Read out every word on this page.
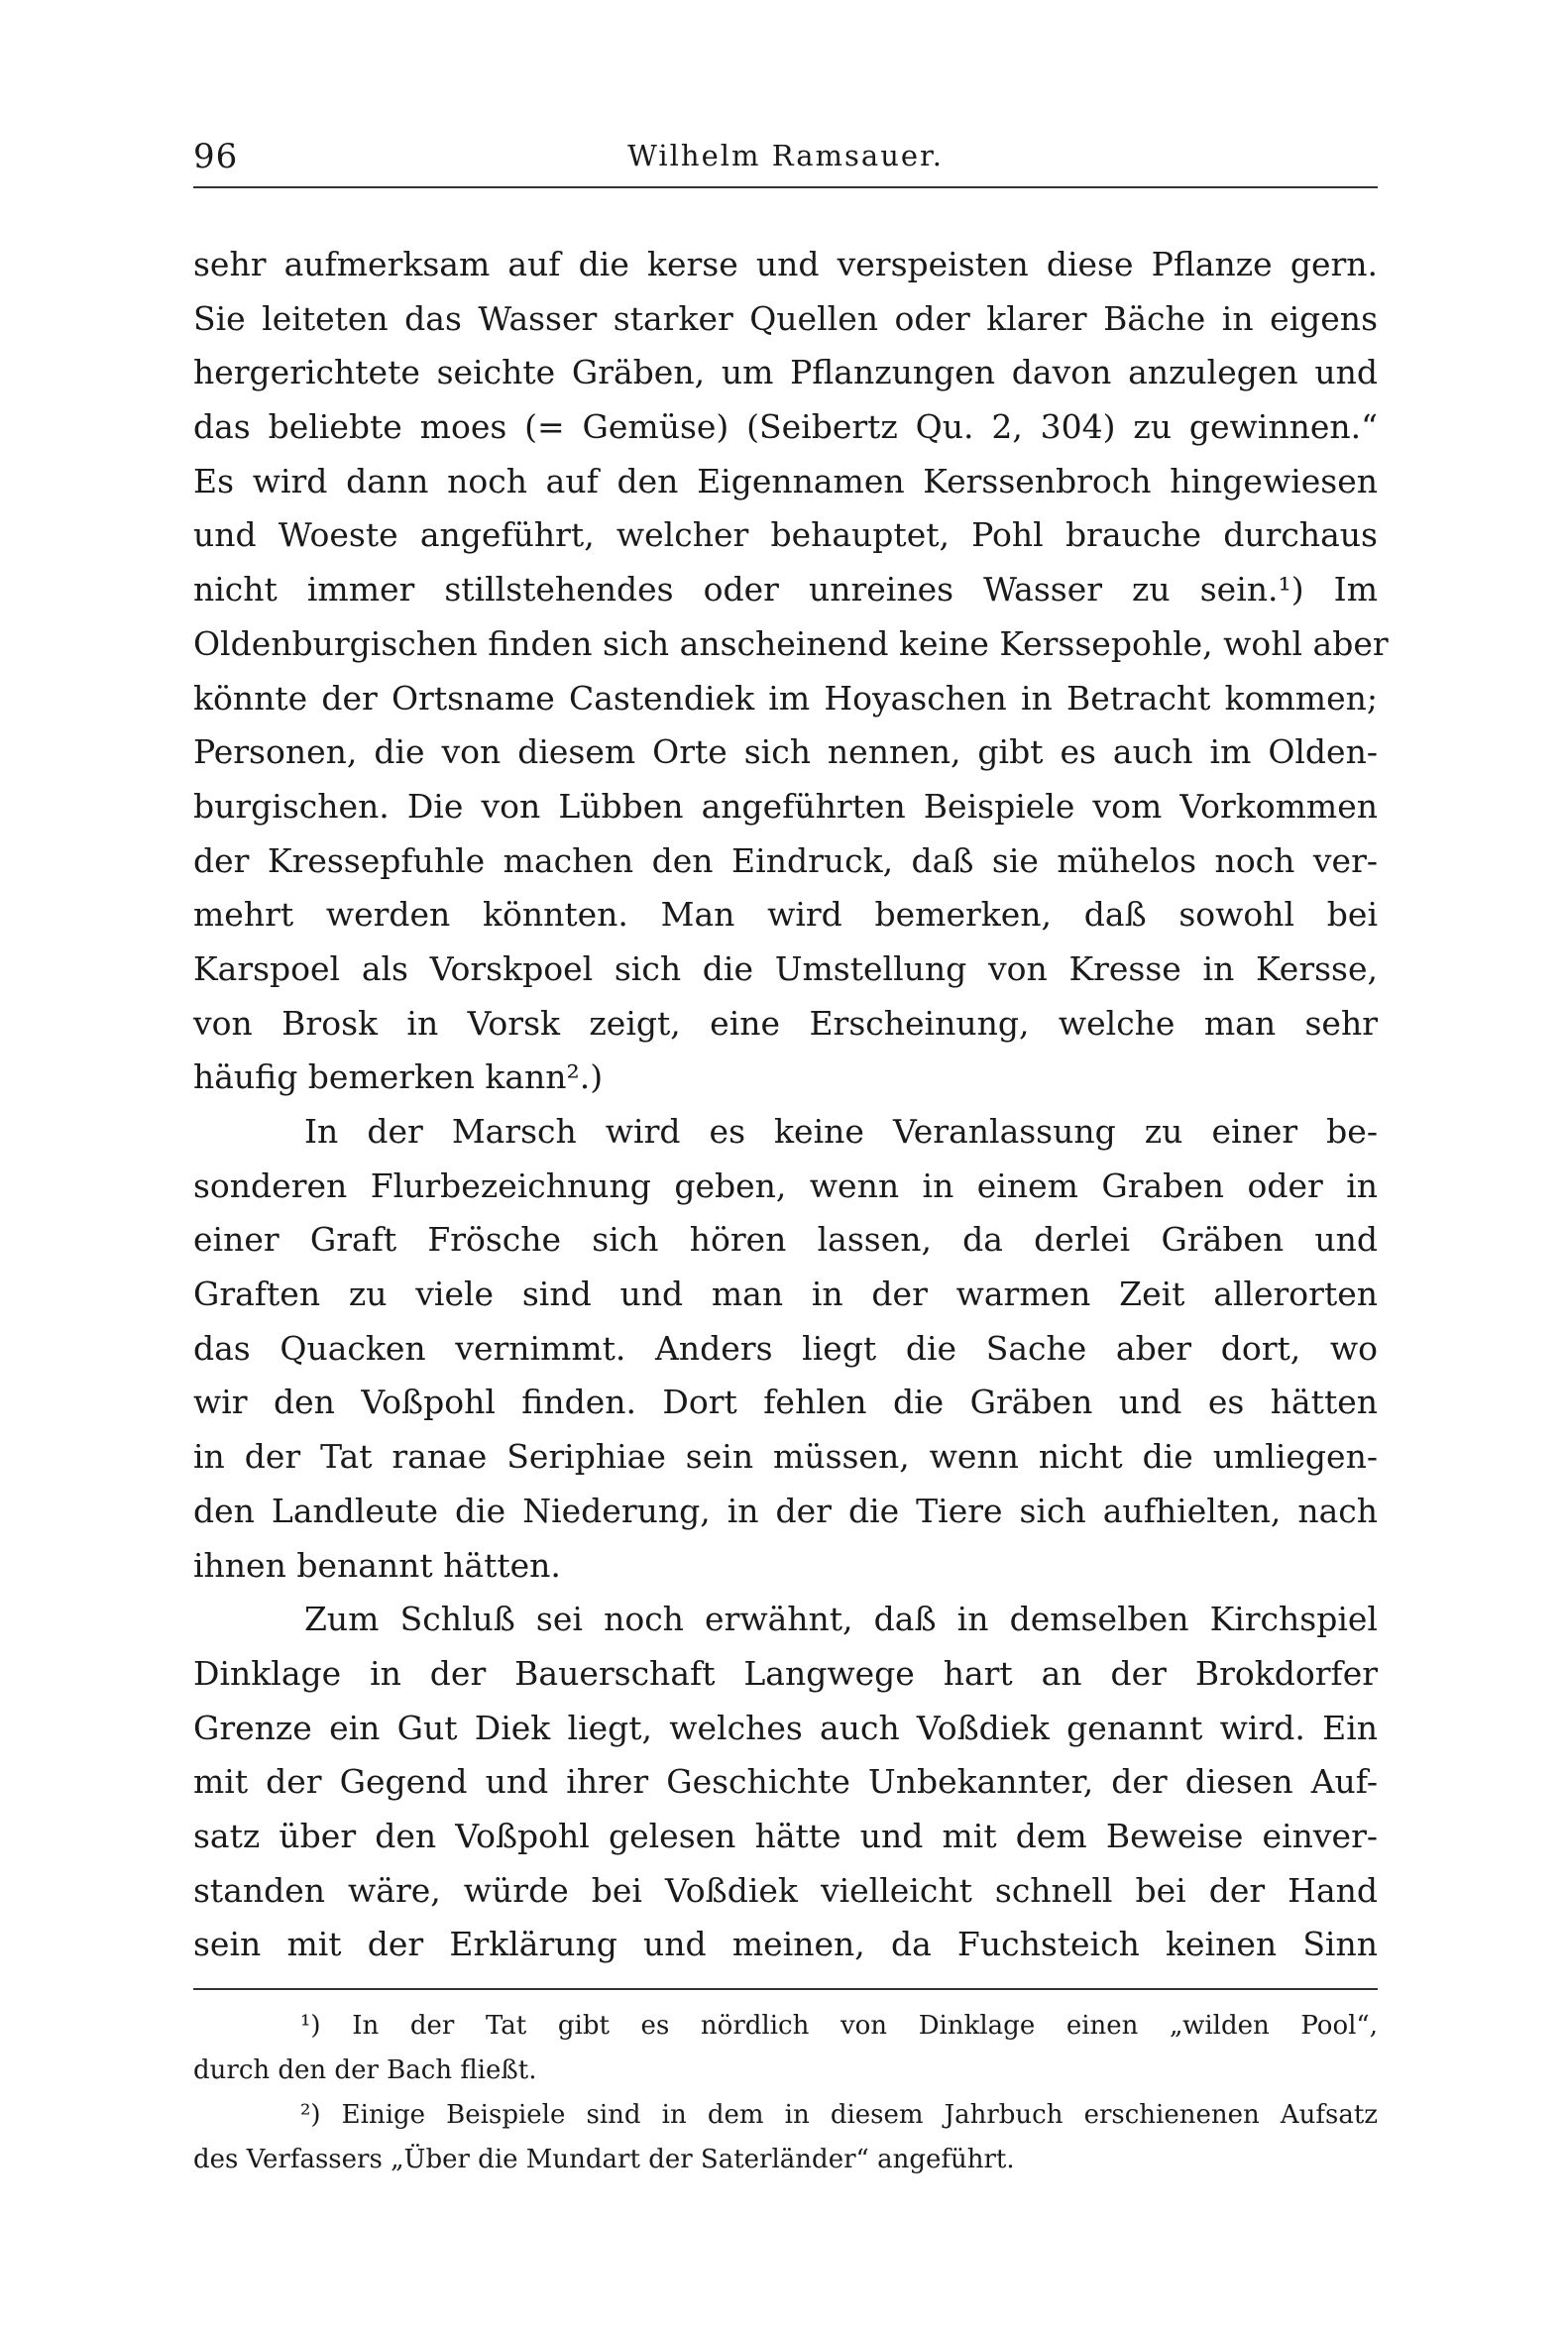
96	Wilhelm Ramsauer.
sehr aufmerksam auf die kerse und verspeisten diese Pflanze gern.
Sie leiteten das Wasser starker Quellen oder klarer Bäche in eigens
hergerichtete seichte Gräben, um Pflanzungen davon anzulegen und
das beliebte moes (= Gemüse) (Seibertz Qu. 2, 304) zu gewinnen.“
Es wird dann noch auf den Eigennamen Kerssenbroch hingewiesen
und Woeste angeführt, welcher behauptet, Pohl brauche durchaus
nicht immer stillstehendes oder unreines Wasser zu sein.¹) Im
Oldenburgischen finden sich anscheinend keine Kerssepohle, wohl aber
könnte der Ortsname Castendiek im Hoyaschen in Betracht kommen;
Personen, die von diesem Orte sich nennen, gibt es auch im Olden-
burgischen. Die von Lübben angeführten Beispiele vom Vorkommen
der Kressepfuhle machen den Eindruck, daß sie mühelos noch ver-
mehrt werden könnten. Man wird bemerken, daß sowohl bei
Karspoel als Vorskpoel sich die Umstellung von Kresse in Kersse,
von Brosk in Vorsk zeigt, eine Erscheinung, welche man sehr
häufig bemerken kann².)
In der Marsch wird es keine Veranlassung zu einer be-
sonderen Flurbezeichnung geben, wenn in einem Graben oder in
einer Graft Frösche sich hören lassen, da derlei Gräben und
Graften zu viele sind und man in der warmen Zeit allerorten
das Quacken vernimmt. Anders liegt die Sache aber dort, wo
wir den Voßpohl finden. Dort fehlen die Gräben und es hätten
in der Tat ranae Seriphiae sein müssen, wenn nicht die umliegen-
den Landleute die Niederung, in der die Tiere sich aufhielten, nach
ihnen benannt hätten.
Zum Schluß sei noch erwähnt, daß in demselben Kirchspiel
Dinklage in der Bauerschaft Langwege hart an der Brokdorfer
Grenze ein Gut Diek liegt, welches auch Voßdiek genannt wird. Ein
mit der Gegend und ihrer Geschichte Unbekannter, der diesen Auf-
satz über den Voßpohl gelesen hätte und mit dem Beweise einver-
standen wäre, würde bei Voßdiek vielleicht schnell bei der Hand
sein mit der Erklärung und meinen, da Fuchsteich keinen Sinn
¹) In der Tat gibt es nördlich von Dinklage einen „wilden Pool“,
durch den der Bach fließt.
²) Einige Beispiele sind in dem in diesem Jahrbuch erschienenen Aufsatz
des Verfassers „Über die Mundart der Saterländer“ angeführt.
